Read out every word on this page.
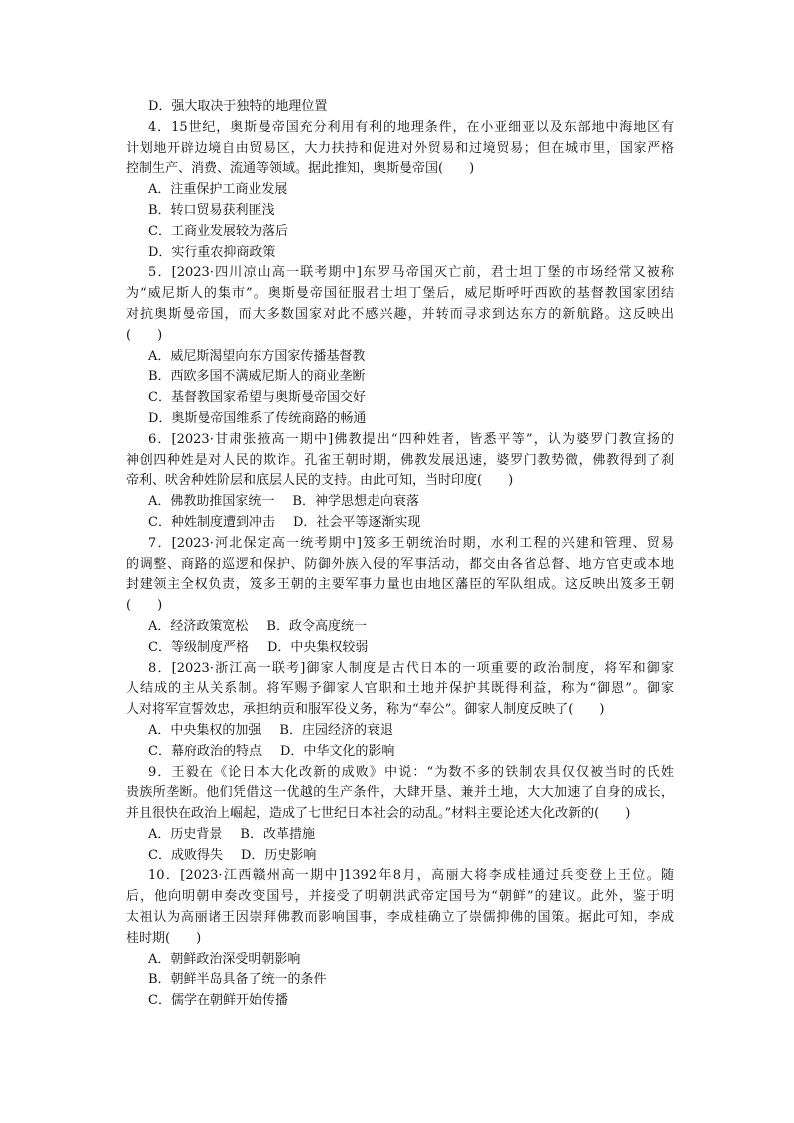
D．强大取决于独特的地理位置
4．15世纪，奥斯曼帝国充分利用有利的地理条件，在小亚细亚以及东部地中海地区有
计划地开辟边境自由贸易区，大力扶持和促进对外贸易和过境贸易；但在城市里，国家严格
控制生产、消费、流通等领域。据此推知，奥斯曼帝国(　　)
A．注重保护工商业发展
B．转口贸易获利匪浅
C．工商业发展较为落后
D．实行重农抑商政策
5．[2023·四川凉山高一联考期中]东罗马帝国灭亡前，君士坦丁堡的市场经常又被称
为“威尼斯人的集市”。奥斯曼帝国征服君士坦丁堡后，威尼斯呼吁西欧的基督教国家团结
对抗奥斯曼帝国，而大多数国家对此不感兴趣，并转而寻求到达东方的新航路。这反映出
(　　)
A．威尼斯渴望向东方国家传播基督教
B．西欧多国不满威尼斯人的商业垄断
C．基督教国家希望与奥斯曼帝国交好
D．奥斯曼帝国维系了传统商路的畅通
6．[2023·甘肃张掖高一期中]佛教提出“四种姓者，皆悉平等”，认为婆罗门教宣扬的
神创四种姓是对人民的欺诈。孔雀王朝时期，佛教发展迅速，婆罗门教势微，佛教得到了刹
帝利、吠舍种姓阶层和底层人民的支持。由此可知，当时印度(　　)
A．佛教助推国家统一 B．神学思想走向衰落
C．种姓制度遭到冲击 D．社会平等逐渐实现
7．[2023·河北保定高一统考期中]笈多王朝统治时期，水利工程的兴建和管理、贸易
的调整、商路的巡逻和保护、防御外族入侵的军事活动，都交由各省总督、地方官吏或本地
封建领主全权负责，笈多王朝的主要军事力量也由地区藩臣的军队组成。这反映出笈多王朝
(　　)
A．经济政策宽松 B．政令高度统一
C．等级制度严格 D．中央集权较弱
8．[2023·浙江高一联考]御家人制度是古代日本的一项重要的政治制度，将军和御家
人结成的主从关系制。将军赐予御家人官职和土地并保护其既得利益，称为“御恩”。御家
人对将军宣誓效忠，承担纳贡和服军役义务，称为“奉公”。御家人制度反映了(　　)
A．中央集权的加强 B．庄园经济的衰退
C．幕府政治的特点 D．中华文化的影响
9．王毅在《论日本大化改新的成败》中说：“为数不多的铁制农具仅仅被当时的氏姓
贵族所垄断。他们凭借这一优越的生产条件，大肆开垦、兼并土地，大大加速了自身的成长，
并且很快在政治上崛起，造成了七世纪日本社会的动乱。”材料主要论述大化改新的(　　)
A．历史背景 B．改革措施
C．成败得失 D．历史影响
10．[2023·江西赣州高一期中]1392年8月，高丽大将李成桂通过兵变登上王位。随
后，他向明朝申奏改变国号，并接受了明朝洪武帝定国号为“朝鲜”的建议。此外，鉴于明
太祖认为高丽诸王因崇拜佛教而影响国事，李成桂确立了崇儒抑佛的国策。据此可知，李成
桂时期(　　)
A．朝鲜政治深受明朝影响
B．朝鲜半岛具备了统一的条件
C．儒学在朝鲜开始传播
